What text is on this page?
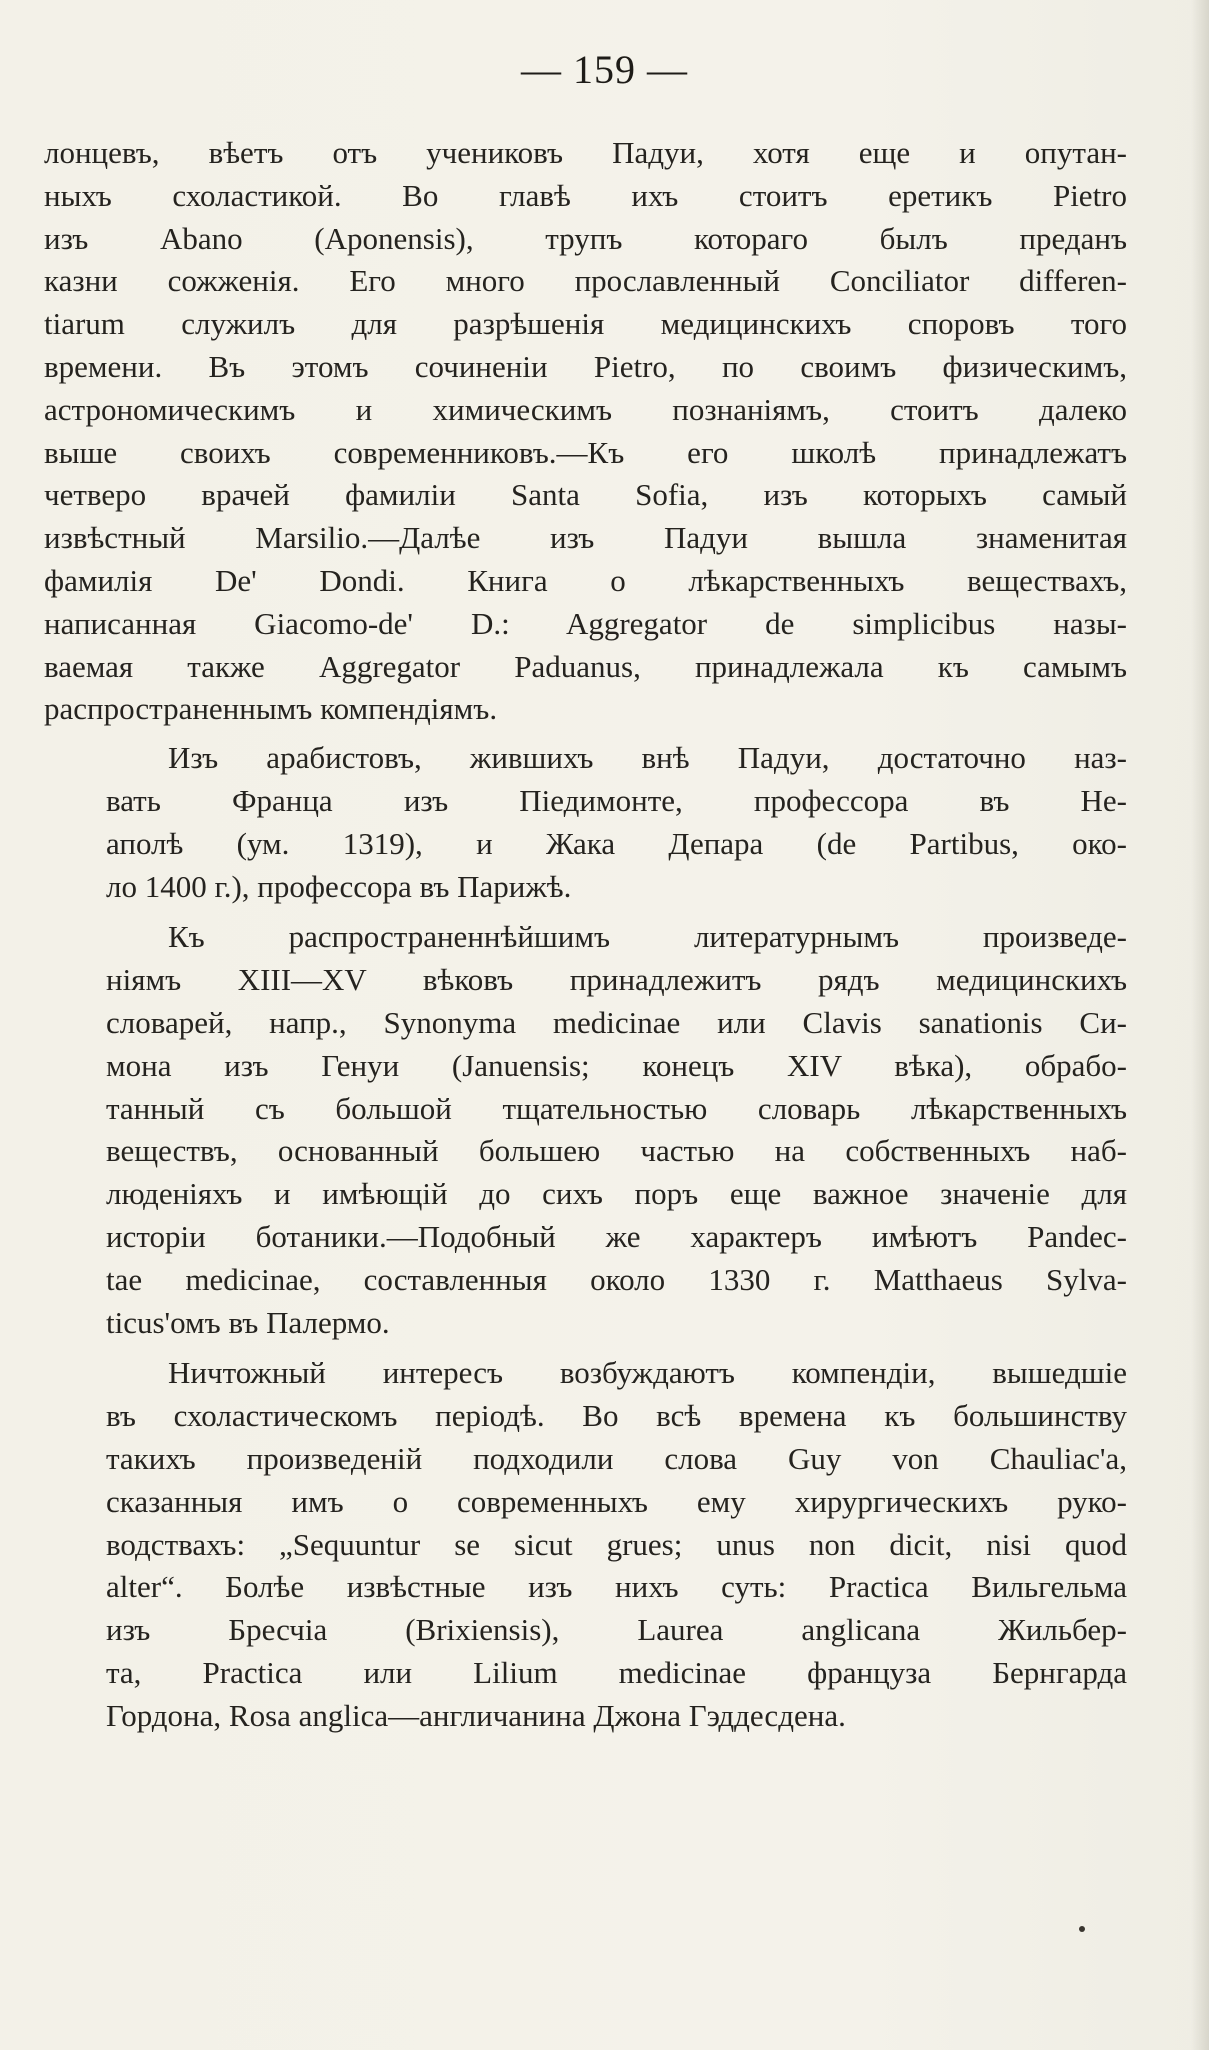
— 159 —

лонцевъ, вѣетъ отъ учениковъ Падуи, хотя еще и опутан-
ныхъ схоластикой. Во главѣ ихъ стоитъ еретикъ Pietro
изъ Abano (Aponensis), трупъ котораго былъ преданъ
казни сожженія. Его много прославленный Conciliator differen-
tiarum служилъ для разрѣшенія медицинскихъ споровъ того
времени. Въ этомъ сочиненіи Pietro, по своимъ физическимъ,
астрономическимъ и химическимъ познаніямъ, стоитъ далеко
выше своихъ современниковъ.—Къ его школѣ принадлежатъ
четверо врачей фамиліи Santa Sofia, изъ которыхъ самый
извѣстный Marsilio.—Далѣе изъ Падуи вышла знаменитая
фамилія De' Dondi. Книга о лѣкарственныхъ веществахъ,
написанная Giacomo-de' D.: Aggregator de simplicibus назы-
ваемая также Aggregator Paduanus, принадлежала къ самымъ
распространеннымъ компендіямъ.

Изъ арабистовъ, жившихъ внѣ Падуи, достаточно наз-
вать Франца изъ Піедимонте, профессора въ Не-
аполѣ (ум. 1319), и Жака Депара (de Partibus, око-
ло 1400 г.), профессора въ Парижѣ.

Къ распространеннѣйшимъ литературнымъ произведе-
ніямъ XIII—XV вѣковъ принадлежитъ рядъ медицинскихъ
словарей, напр., Synonyma medicinae или Clavis sanationis Си-
мона изъ Генуи (Januensis; конецъ XIV вѣка), обрабо-
танный съ большой тщательностью словарь лѣкарственныхъ
веществъ, основанный большею частью на собственныхъ наб-
людeніяхъ и имѣющій до сихъ поръ еще важное значеніе для
исторіи ботаники.—Подобный же характеръ имѣютъ Pandec-
tae medicinae, составленныя около 1330 г. Matthaeus Sylva-
ticus'омъ въ Палермо.

Ничтожный интересъ возбуждаютъ компендіи, вышедшіе
въ схоластическомъ періодѣ. Во всѣ времена къ большинству
такихъ произведеній подходили слова Guy von Chauliac'a,
сказанныя имъ о современныхъ ему хирургическихъ руко-
водствахъ: „Sequuntur se sicut grues; unus non dicit, nisi quod
alter“. Болѣе извѣстные изъ нихъ суть: Practica Вильгельма
изъ Бресчіа (Brixiensis), Laurea anglicana Жильбер-
та, Practica или Lilium medicinae француза Бернгарда
Гордона, Rosa anglica—англичанина Джона Гэддесдена.
